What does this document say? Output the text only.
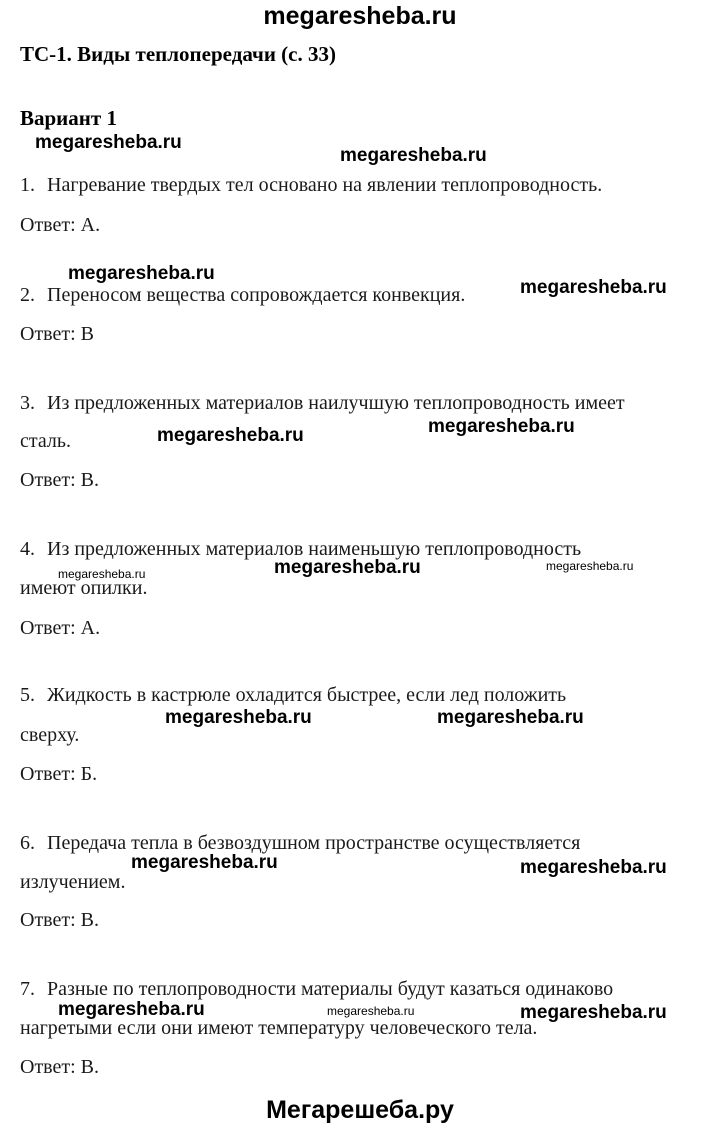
megaresheba.ru
ТС-1. Виды теплопередачи (с. 33)
Вариант 1
1. Нагревание твердых тел основано на явлении теплопроводность.
Ответ: А.
2. Переносом вещества сопровождается конвекция.
Ответ: В
3. Из предложенных материалов наилучшую теплопроводность имеет
сталь.
Ответ: В.
4. Из предложенных материалов наименьшую теплопроводность
имеют опилки.
Ответ: А.
5. Жидкость в кастрюле охладится быстрее, если лед положить
сверху.
Ответ: Б.
6. Передача тепла в безвоздушном пространстве осуществляется
излучением.
Ответ: В.
7. Разные по теплопроводности материалы будут казаться одинаково
нагретыми если они имеют температуру человеческого тела.
Ответ: В.
megaresheba.ru
megaresheba.ru
megaresheba.ru
megaresheba.ru
megaresheba.ru	megaresheba.ru
megaresheba.ru	megaresheba.ru	megaresheba.ru
megaresheba.ru	megaresheba.ru
megaresheba.ru	megaresheba.ru
megaresheba.ru	megaresheba.ru	megaresheba.ru
Мегарешеба.ру
